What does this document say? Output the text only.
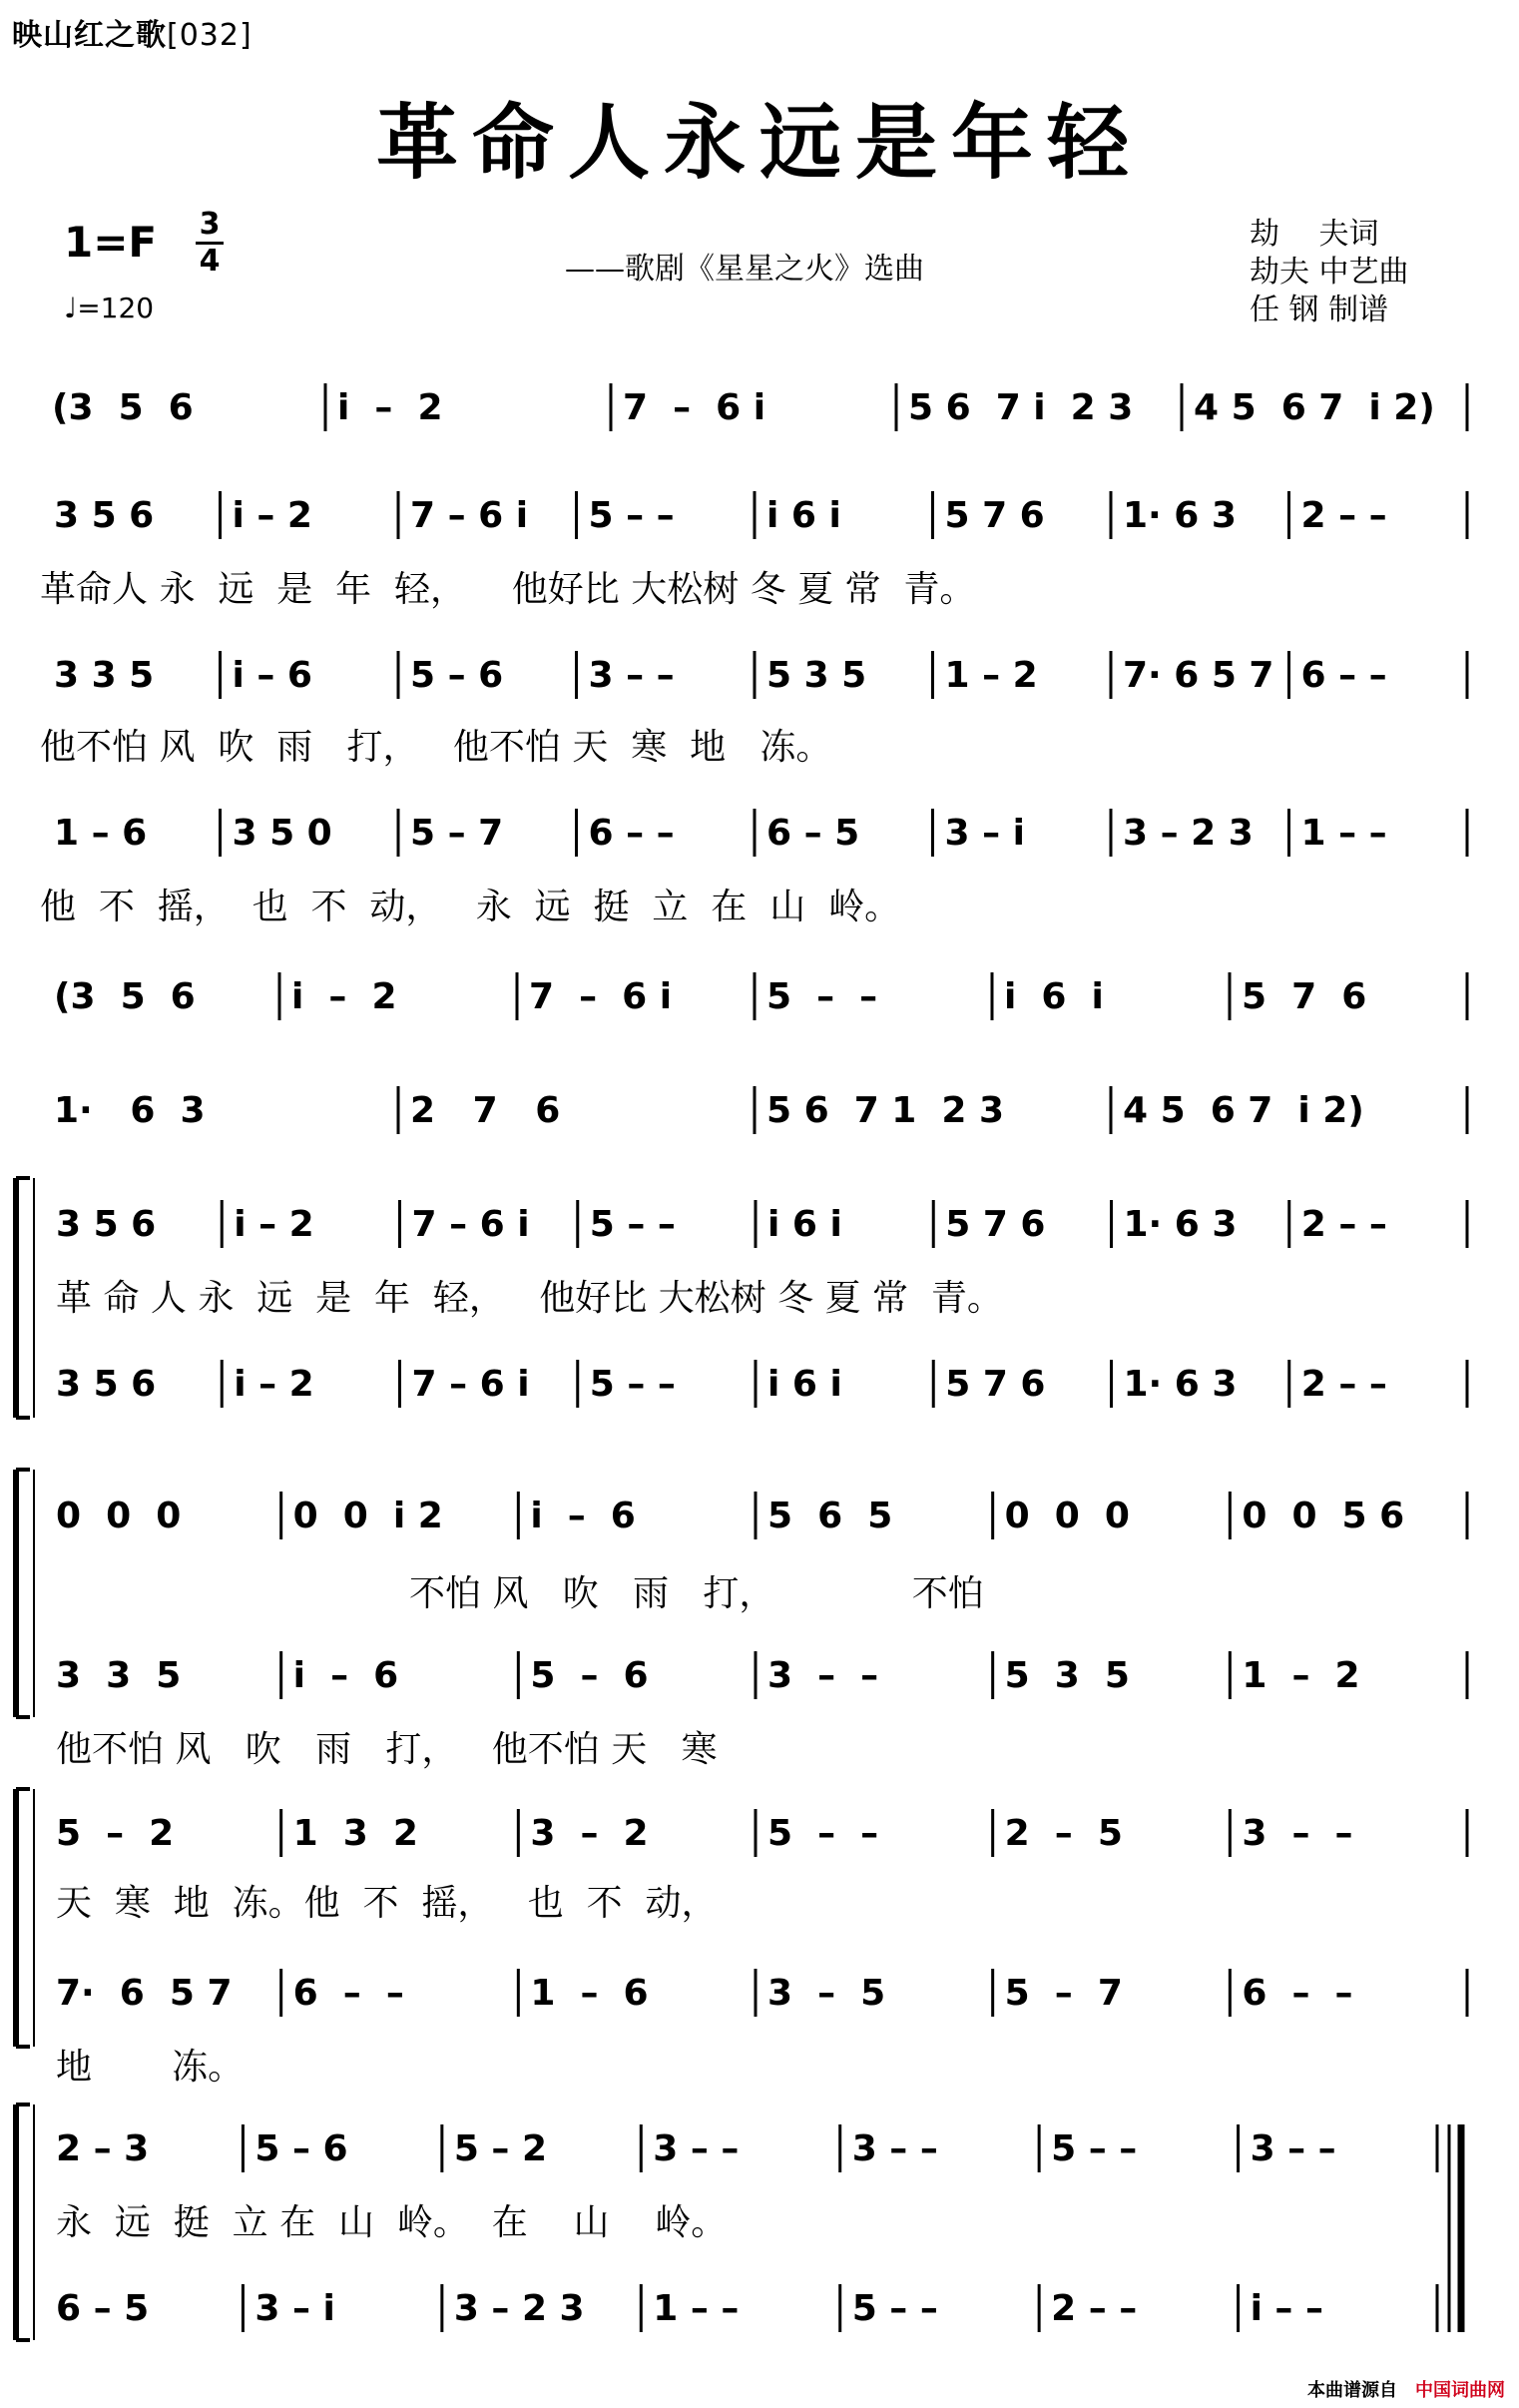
映山红之歌[032]
革命人永远是年轻
1=F 3
4
♩=120
——歌剧《星星之火》选曲
劫　 夫词
劫夫 中艺曲
任 钢 制谱
(3  5  6	i  –  2	7  –  6 i	5 6  7 i  2 3 4 5  6 7  i 2)
3 5 6 i – 2	7 – 6 i 5 – –	i 6 i	5 7 6 1· 6 3 2 – –
革命人 永  远  是  年  轻，    他好比 大松树 冬 夏 常  青。
3 3 5 i – 6	5 – 6 3 – –	5 3 5 1 – 2 7· 6 5 7 6 – –
他不怕 风  吹  雨   打，   他不怕 天  寒  地   冻。
1 – 6 3 5 0 5 – 7 6 – –	6 – 5 3 – i	3 – 2 3 1 – –
他  不  摇，  也  不  动，   永  远  挺  立  在  山  岭。
(3  5  6	i  –  2	7  –  6 i	5  –  –	i  6  i	5  7  6
1·   6  3	2   7   6	5 6  7 1  2 3	4 5  6 7  i 2)
3 5 6 i – 2	7 – 6 i 5 – –	i 6 i	5 7 6 1· 6 3 2 – –
革 命 人 永  远  是  年  轻，   他好比 大松树 冬 夏 常  青。
3 5 6 i – 2	7 – 6 i 5 – –	i 6 i	5 7 6 1· 6 3 2 – –
0  0  0	0  0  i 2 i  –  6	5  6  5	0  0  0	0  0  5 6
不怕 风   吹   雨   打，            不怕
3  3  5	i  –  6	5  –  6	3  –  –	5  3  5	1  –  2
他不怕 风   吹   雨   打，   他不怕 天   寒
5  –  2	1  3  2	3  –  2	5  –  –	2  –  5	3  –  –
天  寒  地  冻。他  不  摇，   也  不  动，
7·  6  5 7 6  –  –	1  –  6	3  –  5	5  –  7	6  –  –
地       冻。
2 – 3	5 – 6	5 – 2	3 – –	3 – –	5 – –	3 – –
永  远  挺  立 在  山  岭。  在    山    岭。
6 – 5	3 – i	3 – 2 3 1 – –	5 – –	2 – –	i – –
本曲谱源自 中国词曲网
